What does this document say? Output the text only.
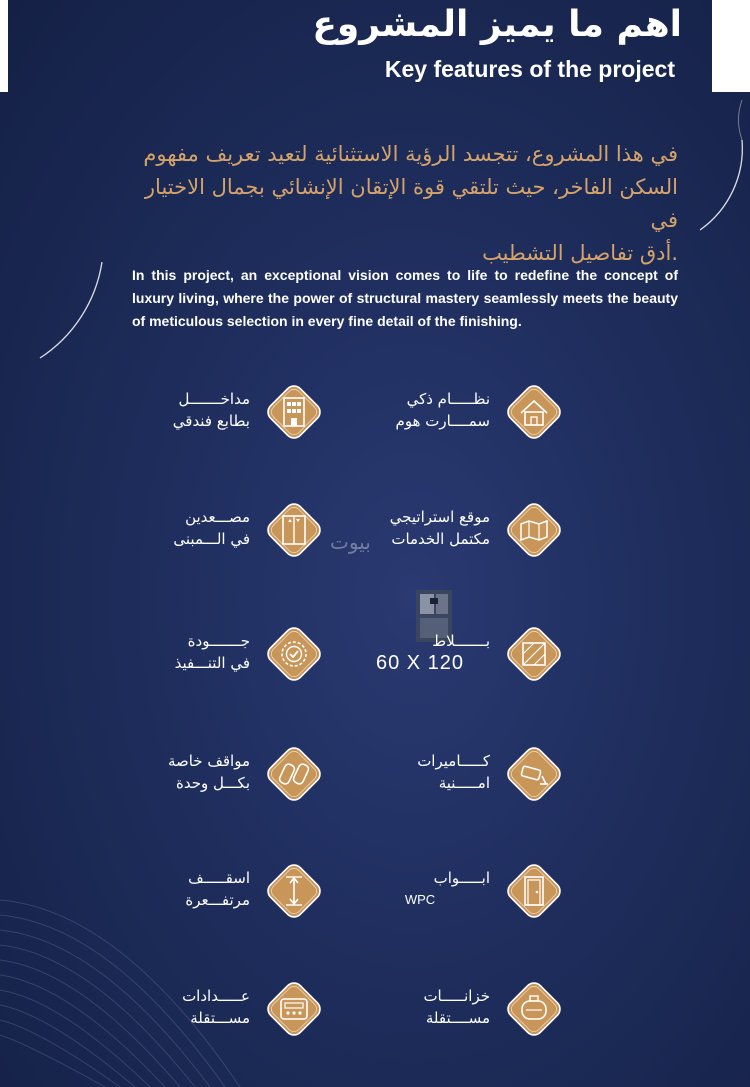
اهم ما يميز المشروع
Key features of the project
في هذا المشروع، تتجسد الرؤية الاستثنائية لتعيد تعريف مفهوم
السكن الفاخر، حيث تلتقي قوة الإتقان الإنشائي بجمال الاختيار في
.أدق تفاصيل التشطيب
In this project, an exceptional vision comes to life to redefine the concept of luxury living, where the power of structural mastery seamlessly meets the beauty of meticulous selection in every fine detail of the finishing.
بيوت
مداخـــــــل
بطابع فندقي
مصـــعدين
في الـــمبنى
جـــــــودة
في التنـــفيذ
مواقف خاصة
بكـــل وحدة
اسقـــــف
مرتفـــعرة
عـــــدادات
مســـتقلة
نظـــــام ذكي
سمــــارت هوم
موقع استراتيجي
مكتمل الخدمات
بـــــــلاط
60 X 120
كـــــاميرات
امـــــنية
ابـــــواب
WPC
خزانـــــات
مســــتقلة
